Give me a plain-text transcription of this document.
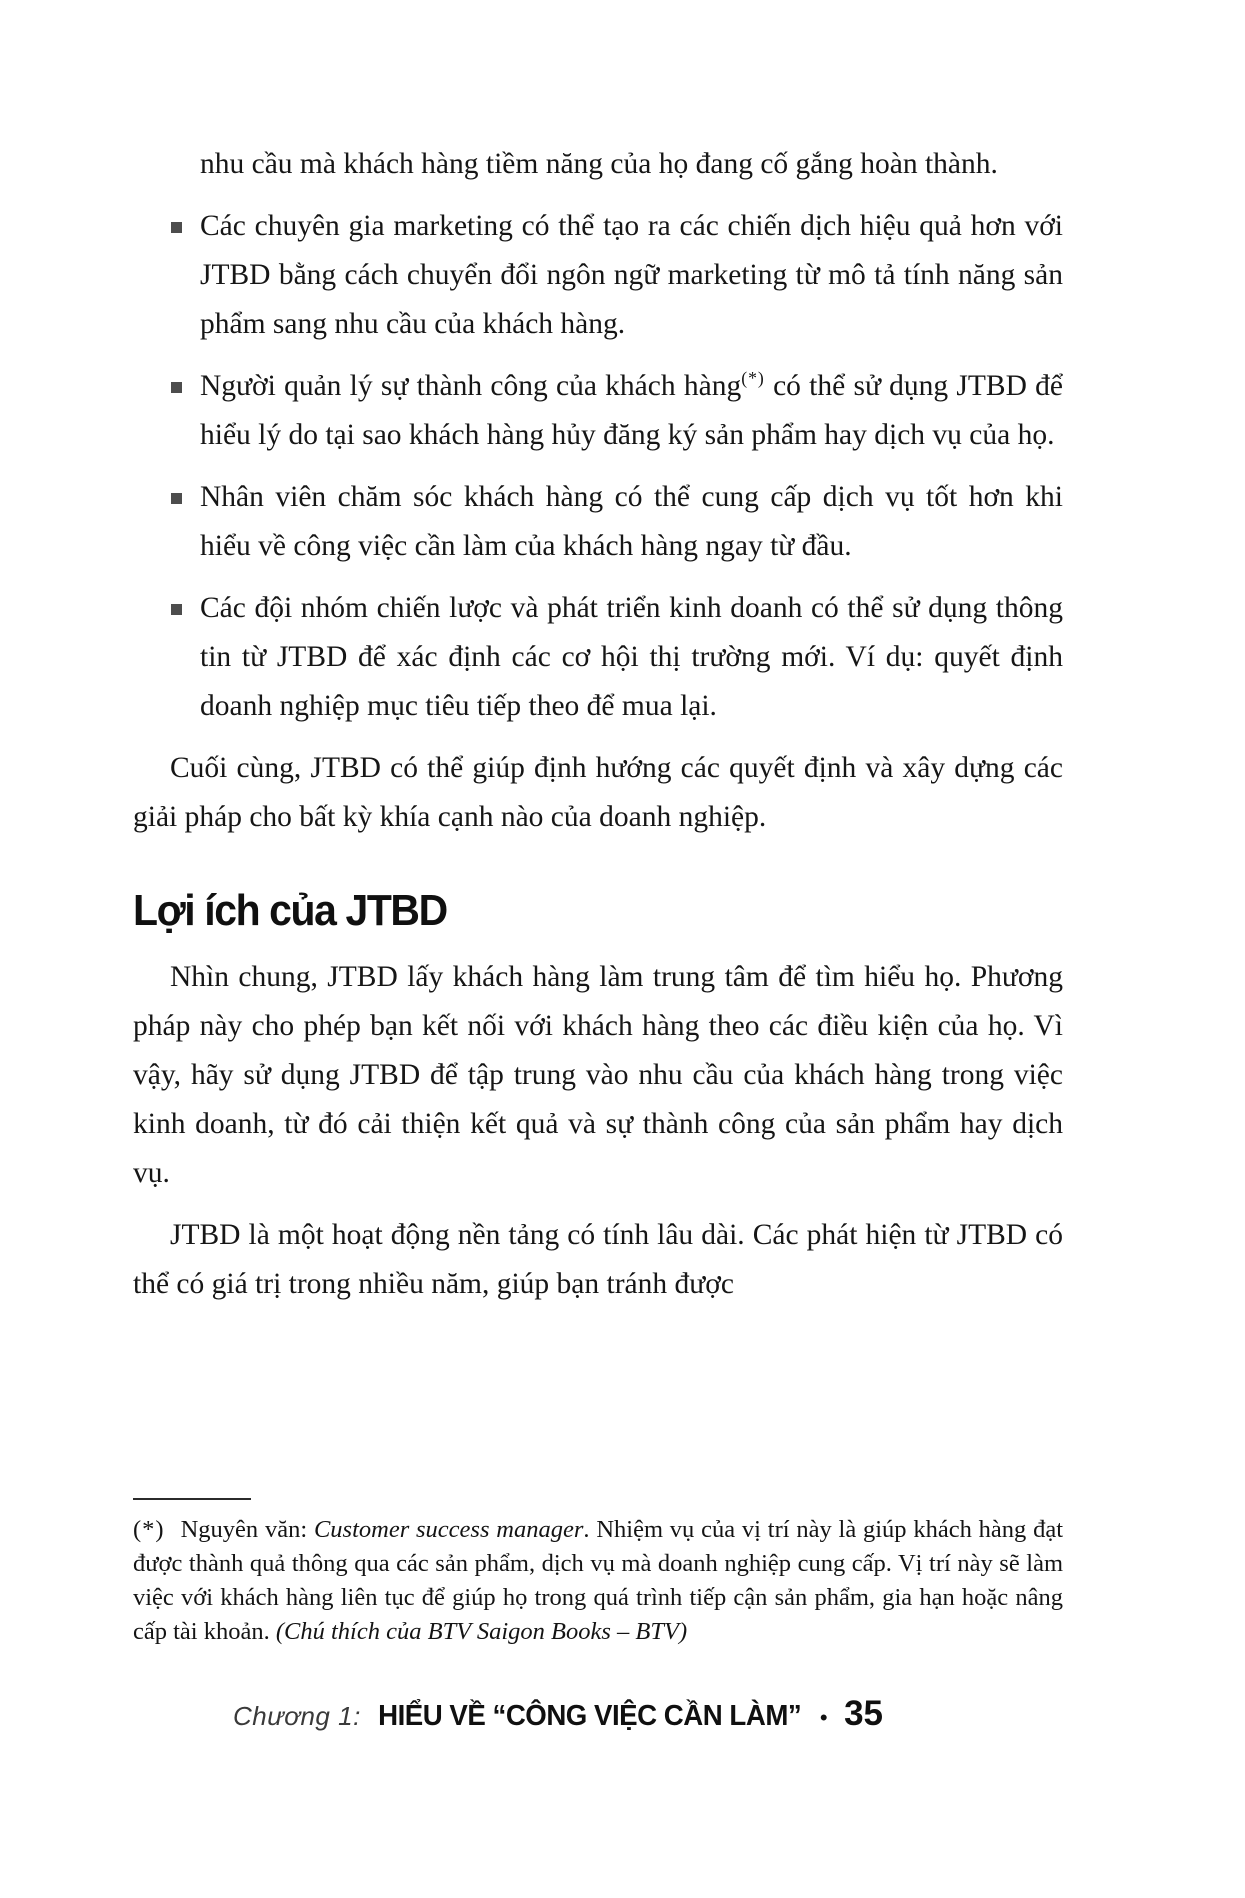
nhu cầu mà khách hàng tiềm năng của họ đang cố gắng hoàn thành.

Các chuyên gia marketing có thể tạo ra các chiến dịch hiệu quả hơn với JTBD bằng cách chuyển đổi ngôn ngữ marketing từ mô tả tính năng sản phẩm sang nhu cầu của khách hàng.
Người quản lý sự thành công của khách hàng(*) có thể sử dụng JTBD để hiểu lý do tại sao khách hàng hủy đăng ký sản phẩm hay dịch vụ của họ.
Nhân viên chăm sóc khách hàng có thể cung cấp dịch vụ tốt hơn khi hiểu về công việc cần làm của khách hàng ngay từ đầu.
Các đội nhóm chiến lược và phát triển kinh doanh có thể sử dụng thông tin từ JTBD để xác định các cơ hội thị trường mới. Ví dụ: quyết định doanh nghiệp mục tiêu tiếp theo để mua lại.

Cuối cùng, JTBD có thể giúp định hướng các quyết định và xây dựng các giải pháp cho bất kỳ khía cạnh nào của doanh nghiệp.

Lợi ích của JTBD

Nhìn chung, JTBD lấy khách hàng làm trung tâm để tìm hiểu họ. Phương pháp này cho phép bạn kết nối với khách hàng theo các điều kiện của họ. Vì vậy, hãy sử dụng JTBD để tập trung vào nhu cầu của khách hàng trong việc kinh doanh, từ đó cải thiện kết quả và sự thành công của sản phẩm hay dịch vụ.

JTBD là một hoạt động nền tảng có tính lâu dài. Các phát hiện từ JTBD có thể có giá trị trong nhiều năm, giúp bạn tránh được

(*) Nguyên văn: Customer success manager. Nhiệm vụ của vị trí này là giúp khách hàng đạt được thành quả thông qua các sản phẩm, dịch vụ mà doanh nghiệp cung cấp. Vị trí này sẽ làm việc với khách hàng liên tục để giúp họ trong quá trình tiếp cận sản phẩm, gia hạn hoặc nâng cấp tài khoản. (Chú thích của BTV Saigon Books – BTV)
Chương 1: HIỂU VỀ “CÔNG VIỆC CẦN LÀM” • 35
